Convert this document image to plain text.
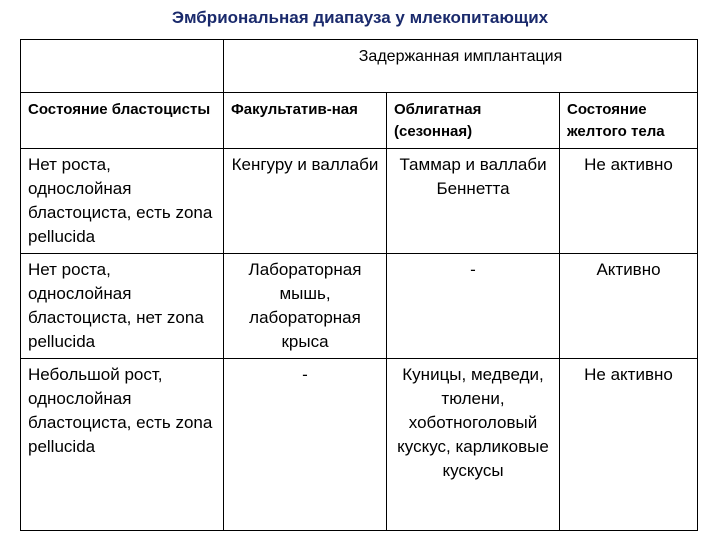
Эмбриональная диапауза у млекопитающих

	Задержанная имплантация		

Состояние бластоцисты	Факультатив-ная	Облигатная (сезонная)	Состояние желтого тела

Нет роста, однослойная бластоциста, есть zona pellucida	Кенгуру и валлаби	Таммар и валлаби Беннетта	Не активно

Нет роста, однослойная бластоциста, нет zona pellucida	Лабораторная мышь, лабораторная крыса	-	Активно

Небольшой рост, однослойная бластоциста, есть zona pellucida	-	Куницы, медведи, тюлени, хоботноголовый кускус, карликовые кускусы	Не активно
